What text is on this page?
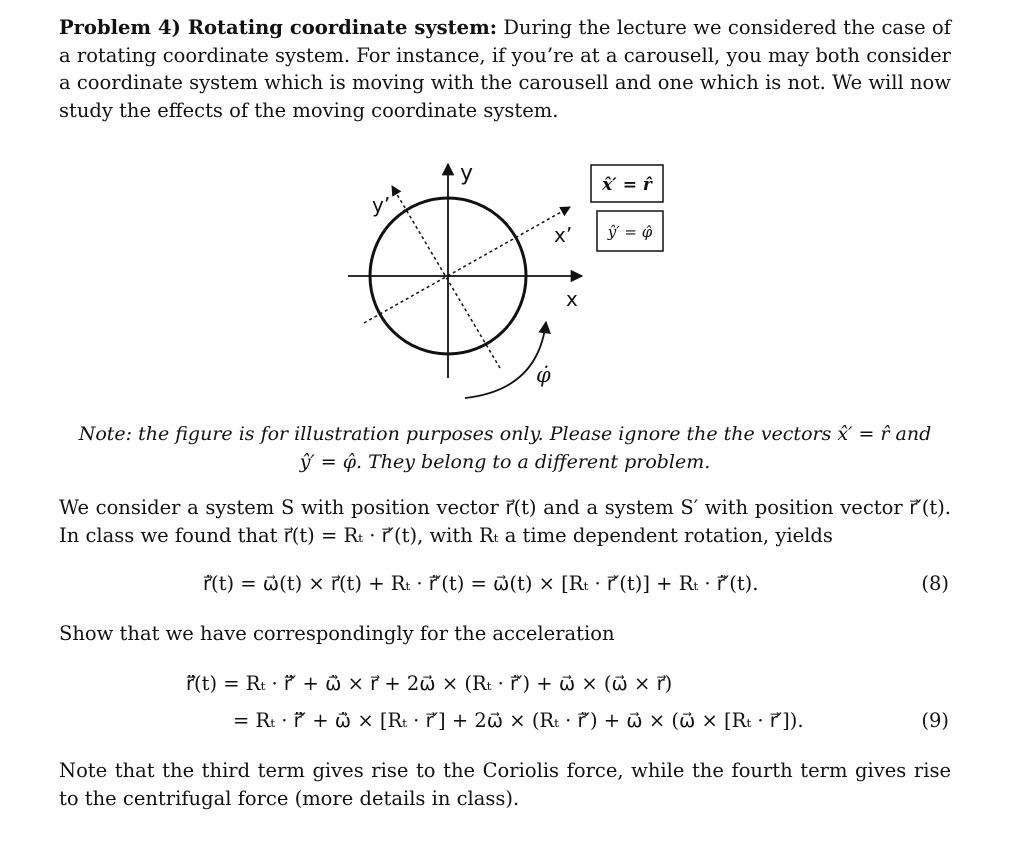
Problem 4) Rotating coordinate system: During the lecture we considered the case of a rotating coordinate system. For instance, if you’re at a carousell, you may both consider a coordinate system which is moving with the carousell and one which is not. We will now study the effects of the moving coordinate system.

y
y’
x’
x
φ̇
x̂′ = r̂
ŷ′ = φ̂
Note: the figure is for illustration purposes only. Please ignore the the vectors x̂′ = r̂ and
ŷ′ = φ̂. They belong to a different problem.

We consider a system S with position vector r⃗(t) and a system S′ with position vector r⃗′(t). In class we found that r⃗(t) = Rₜ · r⃗′(t), with Rₜ a time dependent rotation, yields

r⃗̇(t) = ω⃗(t) × r⃗(t) + Rₜ · r⃗̇′(t) = ω⃗(t) × [Rₜ · r⃗′(t)] + Rₜ · r⃗̇′(t).	(8)

Show that we have correspondingly for the acceleration

r⃗̈(t) = Rₜ · r⃗̈′ + ω⃗̇ × r⃗ + 2ω⃗ × (Rₜ · r⃗̇′) + ω⃗ × (ω⃗ × r⃗)
= Rₜ · r⃗̈′ + ω⃗̇ × [Rₜ · r⃗′] + 2ω⃗ × (Rₜ · r⃗̇′) + ω⃗ × (ω⃗ × [Rₜ · r⃗′]).	(9)

Note that the third term gives rise to the Coriolis force, while the fourth term gives rise to the centrifugal force (more details in class).
